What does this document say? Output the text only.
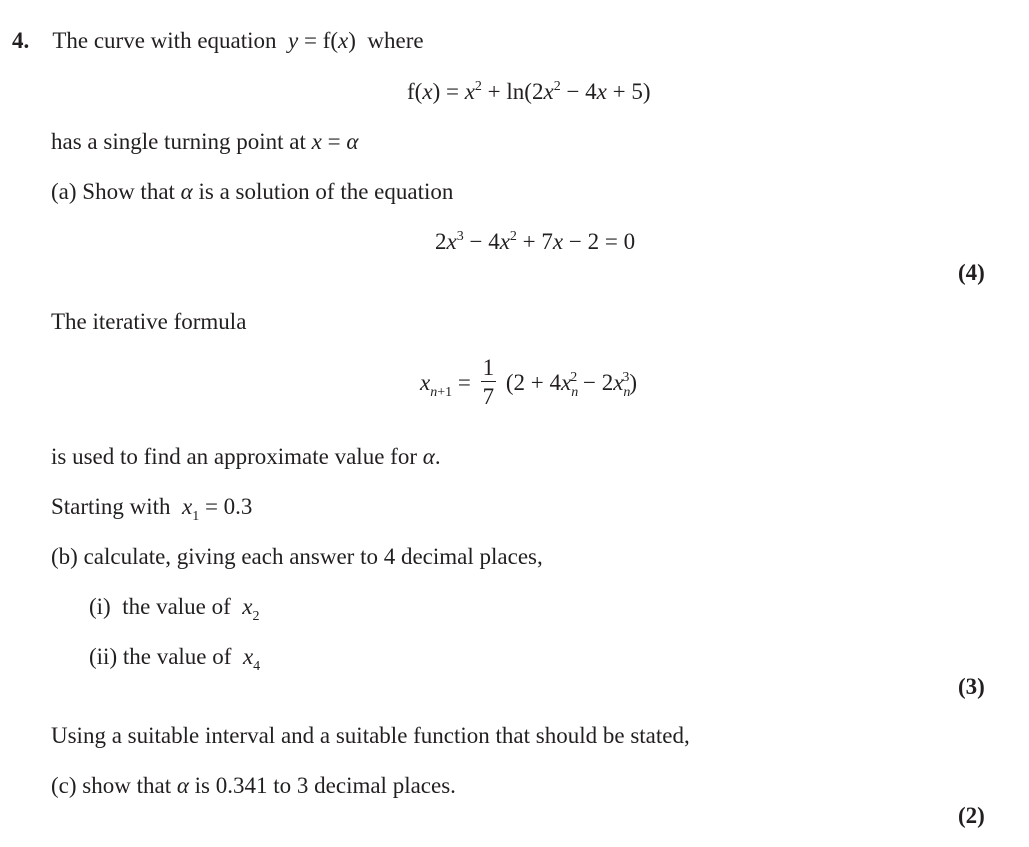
4. The curve with equation y = f(x) where
$f(x) = x^2 + \ln(2x^2 - 4x + 5)$
has a single turning point at x = α
(a) Show that α is a solution of the equation
$2x^3 - 4x^2 + 7x - 2 = 0$
(4)
The iterative formula
$x_{n+1} = \frac{1}{7} (2 + 4x_n^2 - 2x_n^3)$
is used to find an approximate value for α.
Starting with $x_1 = 0.3$
(b) calculate, giving each answer to 4 decimal places,
(i) the value of $x_2$
(ii) the value of $x_4$
(3)
Using a suitable interval and a suitable function that should be stated,
(c) show that α is 0.341 to 3 decimal places.
(2)
